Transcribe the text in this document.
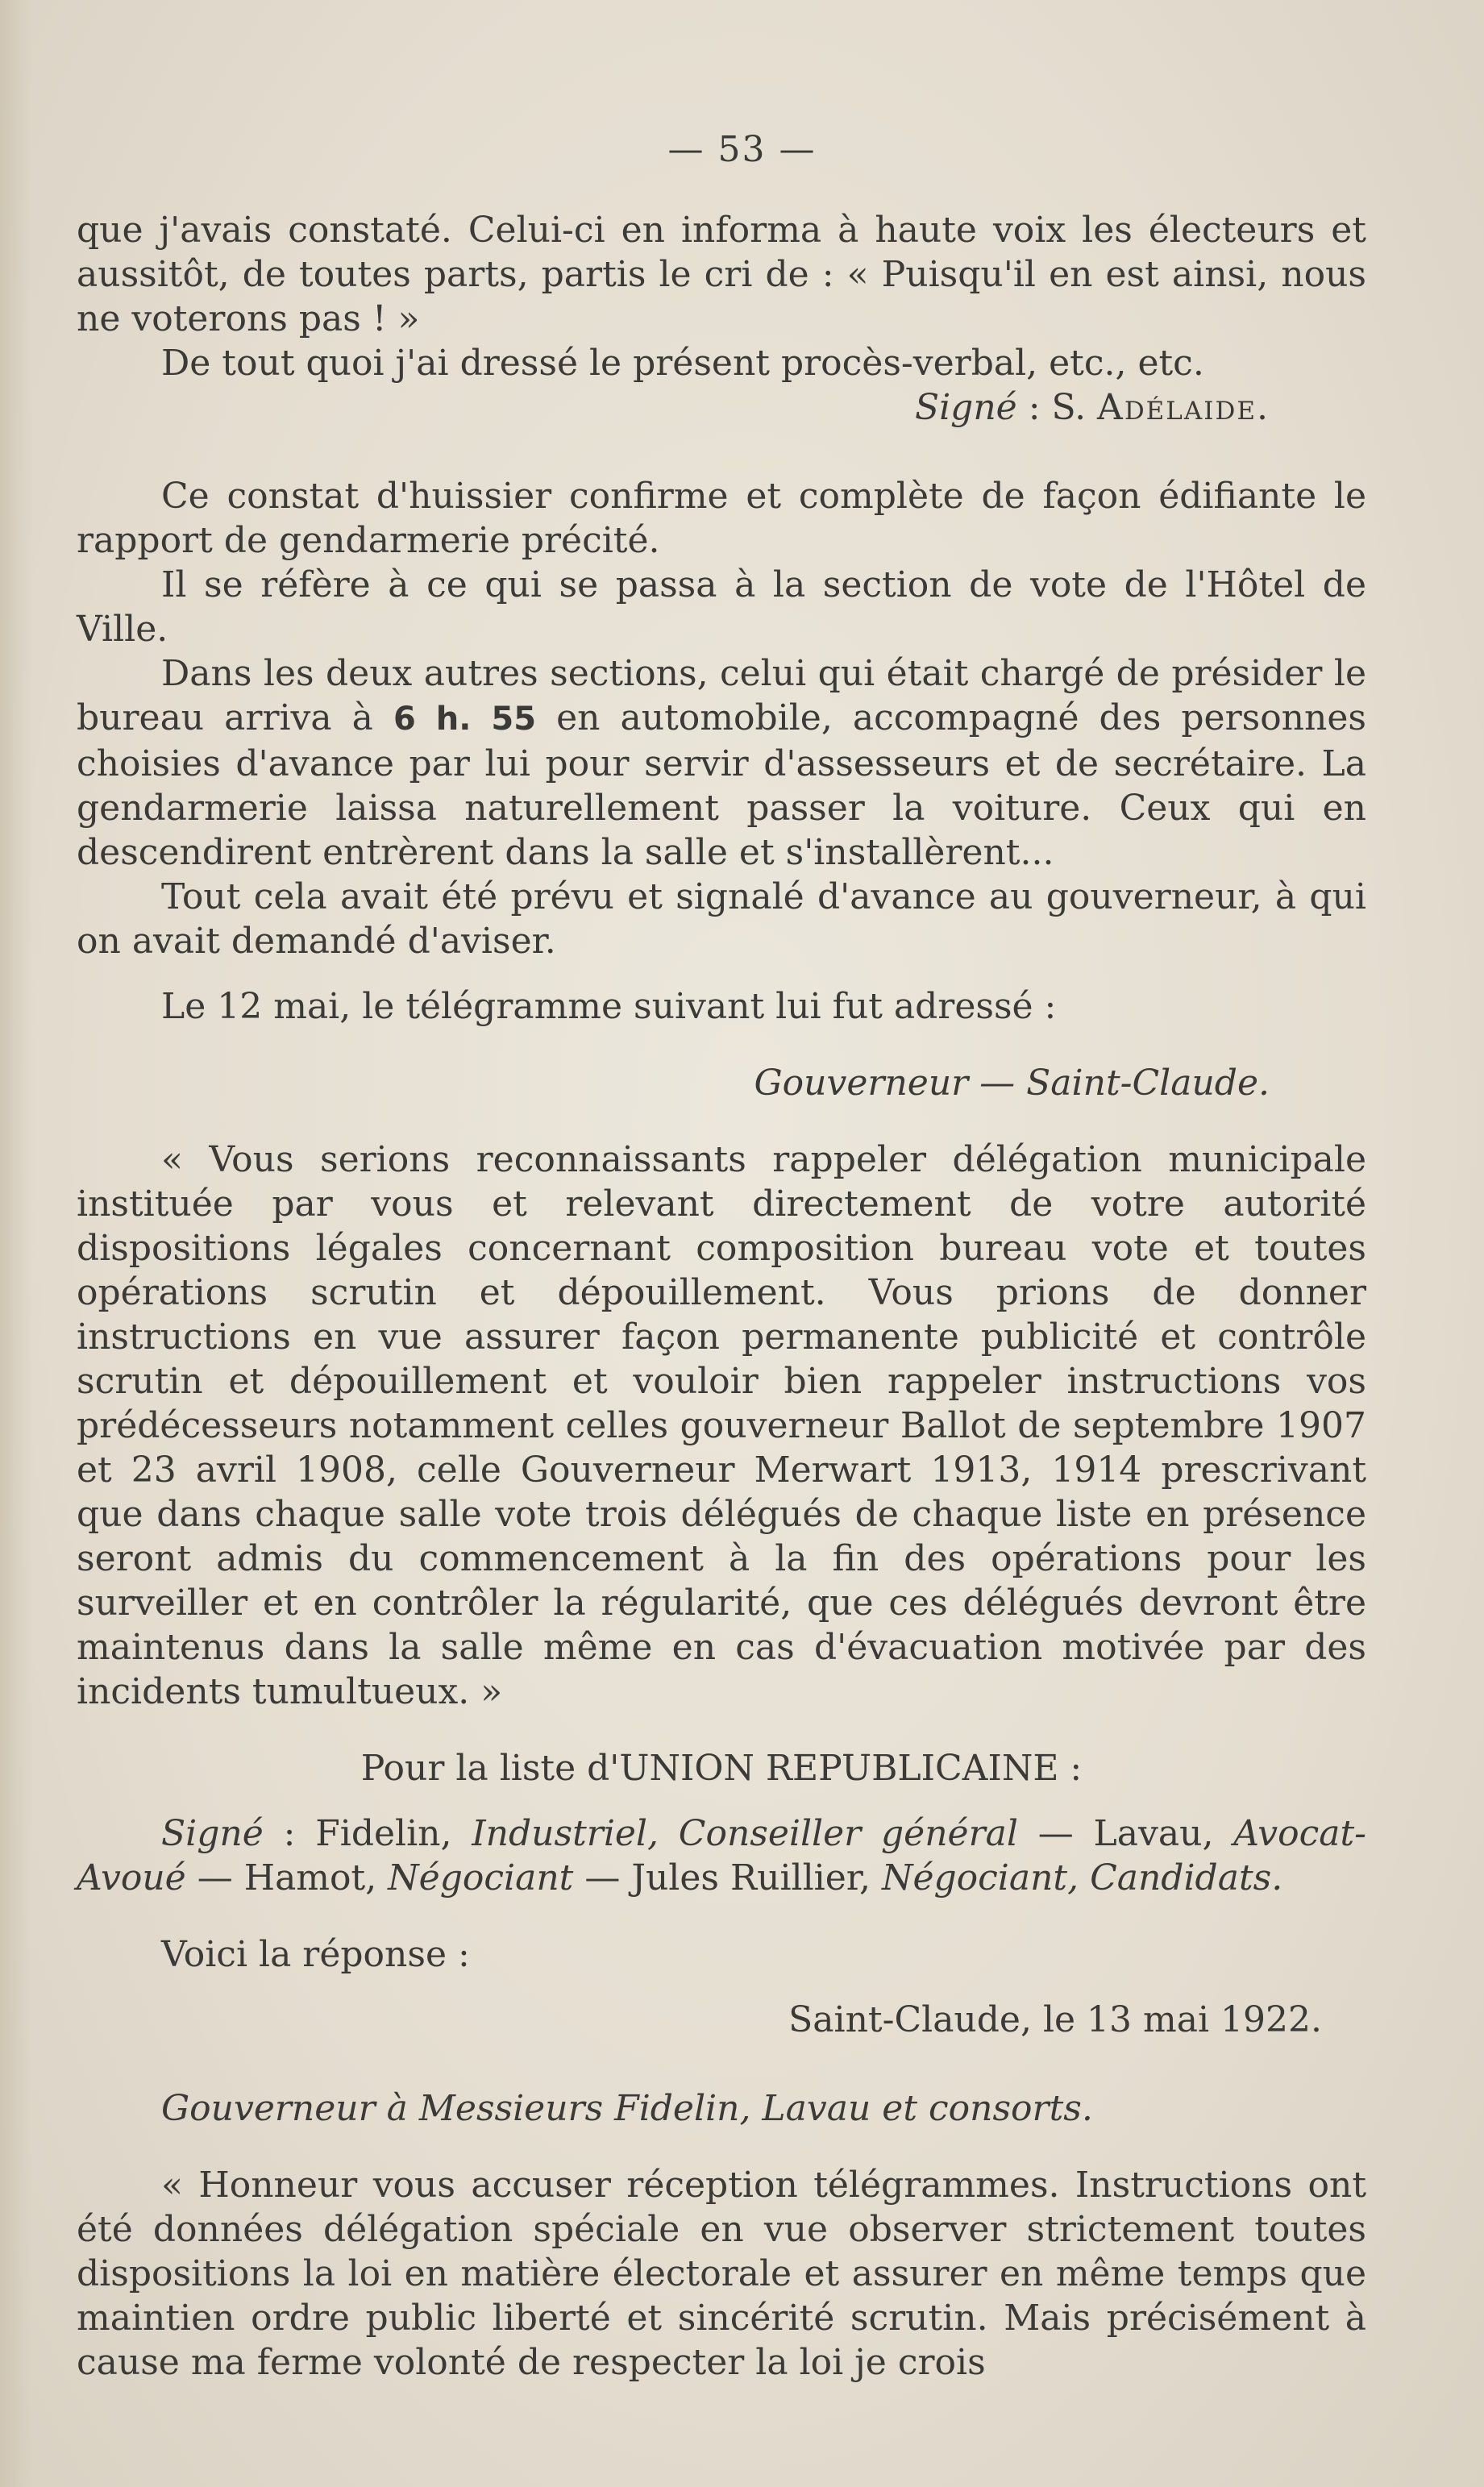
— 53 —

que j'avais constaté. Celui-ci en informa à haute voix les électeurs et aussitôt, de toutes parts, partis le cri de : « Puisqu'il en est ainsi, nous ne voterons pas ! »

De tout quoi j'ai dressé le présent procès-verbal, etc., etc.

Signé : S. Adélaide.

Ce constat d'huissier confirme et complète de façon édifiante le rapport de gendarmerie précité.

Il se réfère à ce qui se passa à la section de vote de l'Hôtel de Ville.

Dans les deux autres sections, celui qui était chargé de présider le bureau arriva à 6 h. 55 en automobile, accompagné des personnes choisies d'avance par lui pour servir d'assesseurs et de secrétaire. La gendarmerie laissa naturellement passer la voiture. Ceux qui en descendirent entrèrent dans la salle et s'installèrent...

Tout cela avait été prévu et signalé d'avance au gouverneur, à qui on avait demandé d'aviser.

Le 12 mai, le télégramme suivant lui fut adressé :

Gouverneur — Saint-Claude.

« Vous serions reconnaissants rappeler délégation municipale instituée par vous et relevant directement de votre autorité dispositions légales concernant composition bureau vote et toutes opérations scrutin et dépouillement. Vous prions de donner instructions en vue assurer façon permanente publicité et contrôle scrutin et dépouillement et vouloir bien rappeler instructions vos prédécesseurs notamment celles gouverneur Ballot de septembre 1907 et 23 avril 1908, celle Gouverneur Merwart 1913, 1914 prescrivant que dans chaque salle vote trois délégués de chaque liste en présence seront admis du commencement à la fin des opérations pour les surveiller et en contrôler la régularité, que ces délégués devront être maintenus dans la salle même en cas d'évacuation motivée par des incidents tumultueux. »

Pour la liste d'UNION REPUBLICAINE :

Signé : Fidelin, Industriel, Conseiller général — Lavau, Avocat-Avoué — Hamot, Négociant — Jules Ruillier, Négociant, Candidats.

Voici la réponse :

Saint-Claude, le 13 mai 1922.

Gouverneur à Messieurs Fidelin, Lavau et consorts.

« Honneur vous accuser réception télégrammes. Instructions ont été données délégation spéciale en vue observer strictement toutes dispositions la loi en matière électorale et assurer en même temps que maintien ordre public liberté et sincérité scrutin. Mais précisément à cause ma ferme volonté de respecter la loi je crois
